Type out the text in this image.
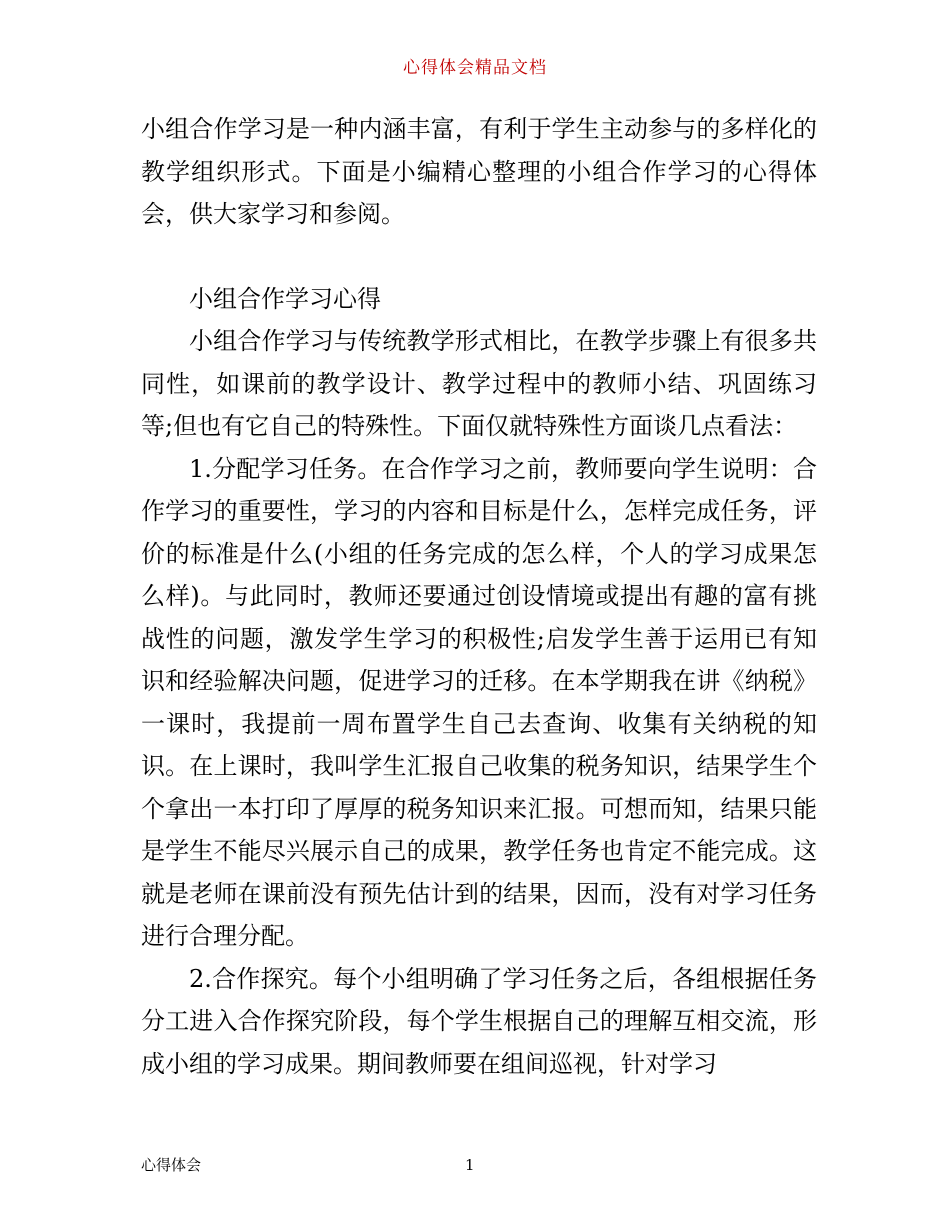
心得体会精品文档

小组合作学习是一种内涵丰富，有利于学生主动参与的多样化的教学组织形式。下面是小编精心整理的小组合作学习的心得体会，供大家学习和参阅。

小组合作学习心得

小组合作学习与传统教学形式相比，在教学步骤上有很多共同性，如课前的教学设计、教学过程中的教师小结、巩固练习等;但也有它自己的特殊性。下面仅就特殊性方面谈几点看法：

1.分配学习任务。在合作学习之前，教师要向学生说明：合作学习的重要性，学习的内容和目标是什么，怎样完成任务，评价的标准是什么(小组的任务完成的怎么样，个人的学习成果怎么样)。与此同时，教师还要通过创设情境或提出有趣的富有挑战性的问题，激发学生学习的积极性;启发学生善于运用已有知识和经验解决问题，促进学习的迁移。在本学期我在讲《纳税》一课时，我提前一周布置学生自己去查询、收集有关纳税的知识。在上课时，我叫学生汇报自己收集的税务知识，结果学生个个拿出一本打印了厚厚的税务知识来汇报。可想而知，结果只能是学生不能尽兴展示自己的成果，教学任务也肯定不能完成。这就是老师在课前没有预先估计到的结果，因而，没有对学习任务进行合理分配。

2.合作探究。每个小组明确了学习任务之后，各组根据任务分工进入合作探究阶段，每个学生根据自己的理解互相交流，形成小组的学习成果。期间教师要在组间巡视，针对学习

心得体会	1
